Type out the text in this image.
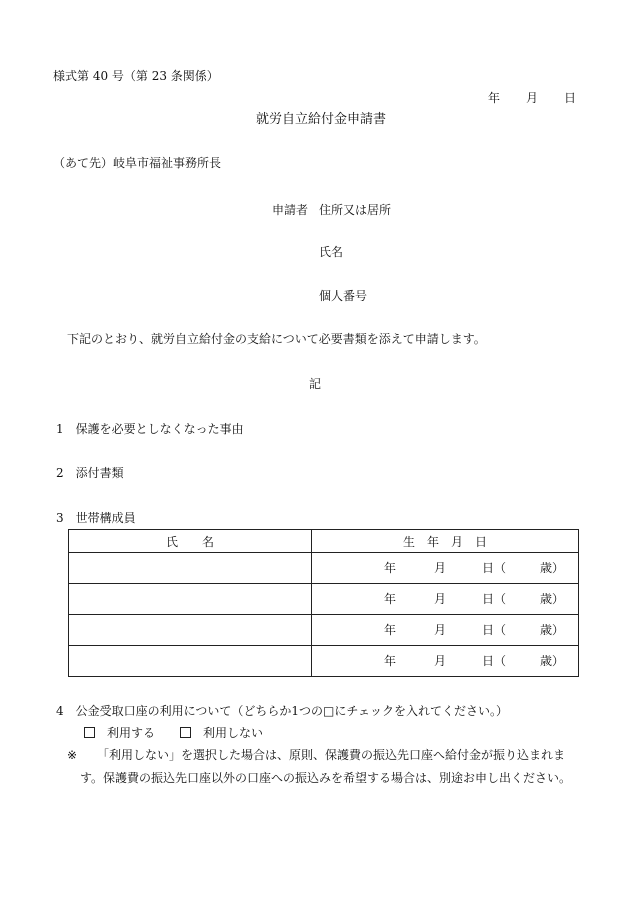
様式第 40 号（第 23 条関係）
年 月 日
就労自立給付金申請書
（あて先）岐阜市福祉事務所長
申請者 住所又は居所
氏名
個人番号
下記のとおり、就労自立給付金の支給について必要書類を添えて申請します。
記
1　保護を必要としなくなった事由
2　添付書類
3　世帯構成員
氏　　名	生　年　月　日

	年 月 日（ 歳）

	年 月 日（ 歳）

	年 月 日（ 歳）

	年 月 日（ 歳）
4　公金受取口座の利用について（どちらか1つの□にチェックを入れてください。）
利用する	利用しない
※ 「利用しない」を選択した場合は、原則、保護費の振込先口座へ給付金が振り込まれま
す。保護費の振込先口座以外の口座への振込みを希望する場合は、別途お申し出ください。
